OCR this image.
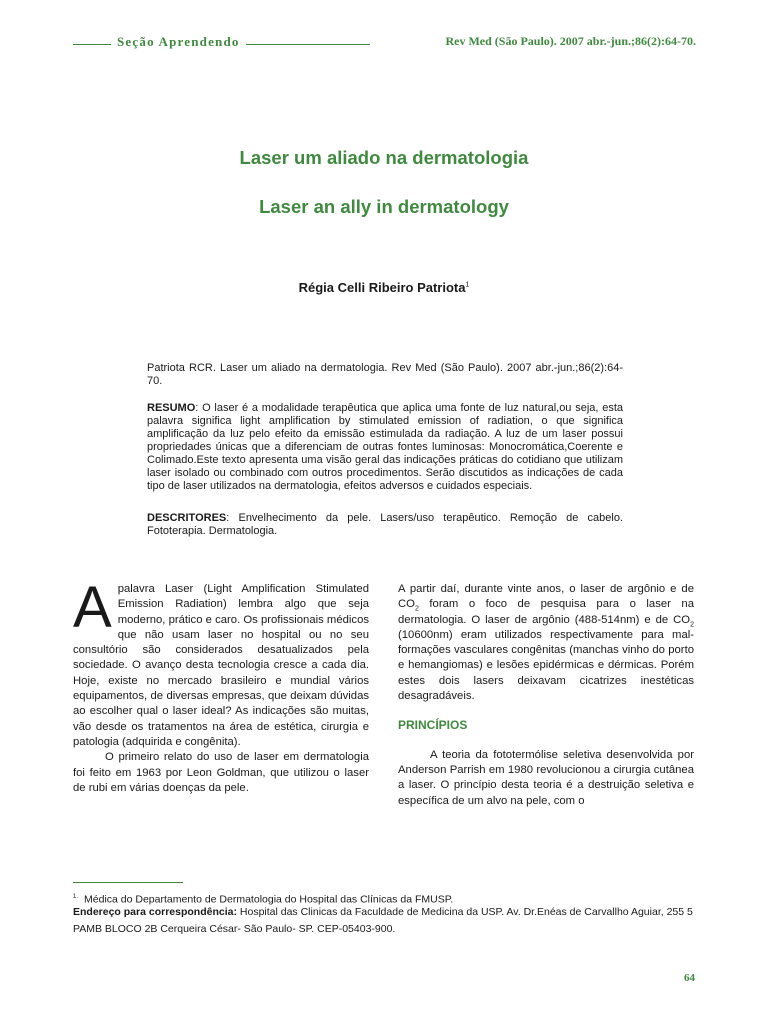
Seção Aprendendo	Rev Med (São Paulo). 2007 abr.-jun.;86(2):64-70.
Laser um aliado na dermatologia
Laser an ally in dermatology
Régia Celli Ribeiro Patriota$^1$
Patriota RCR. Laser um aliado na dermatologia. Rev Med (São Paulo). 2007 abr.-jun.;86(2):64-70.
RESUMO: O laser é a modalidade terapêutica que aplica uma fonte de luz natural,ou seja, esta palavra significa light amplification by stimulated emission of radiation, o que significa amplificação da luz pelo efeito da emissão estimulada da radiação. A luz de um laser possui propriedades únicas que a diferenciam de outras fontes luminosas: Monocromática,Coerente e Colimado.Este texto apresenta uma visão geral das indicações práticas do cotidiano que utilizam laser isolado ou combinado com outros procedimentos. Serão discutidos as indicações de cada tipo de laser utilizados na dermatologia, efeitos adversos e cuidados especiais.
DESCRITORES: Envelhecimento da pele. Lasers/uso terapêutico. Remoção de cabelo. Fototerapia. Dermatologia.

Apalavra Laser (Light Amplification Stimulated Emission Radiation) lembra algo que seja moderno, prático e caro. Os profissionais médicos que não usam laser no hospital ou no seu consultório são considerados desatualizados pela sociedade. O avanço desta tecnologia cresce a cada dia. Hoje, existe no mercado brasileiro e mundial vários equipamentos, de diversas empresas, que deixam dúvidas ao escolher qual o laser ideal? As indicações são muitas, vão desde os tratamentos na área de estética, cirurgia e patologia (adquirida e congênita).

O primeiro relato do uso de laser em dermatologia foi feito em 1963 por Leon Goldman, que utilizou o laser de rubi em várias doenças da pele.

A partir daí, durante vinte anos, o laser de argônio e de $CO_2$ foram o foco de pesquisa para o laser na dermatologia. O laser de argônio (488-514nm) e de $CO_2$ (10600nm) eram utilizados respectivamente para mal-formações vasculares congênitas (manchas vinho do porto e hemangiomas) e lesões epidérmicas e dérmicas. Porém estes dois lasers deixavam cicatrizes inestéticas desagradáveis.

PRINCÍPIOS

A teoria da fototermólise seletiva desenvolvida por Anderson Parrish em 1980 revolucionou a cirurgia cutânea a laser. O princípio desta teoria é a destruição seletiva e específica de um alvo na pele, com o

$^{1.}$ Médica do Departamento de Dermatologia do Hospital das Clínicas da FMUSP.
Endereço para correspondência: Hospital das Clinicas da Faculdade de Medicina da USP. Av. Dr.Enéas de Carvallho Aguiar, 255 5 PAMB BLOCO 2B Cerqueira César- São Paulo- SP. CEP-05403-900.
64
